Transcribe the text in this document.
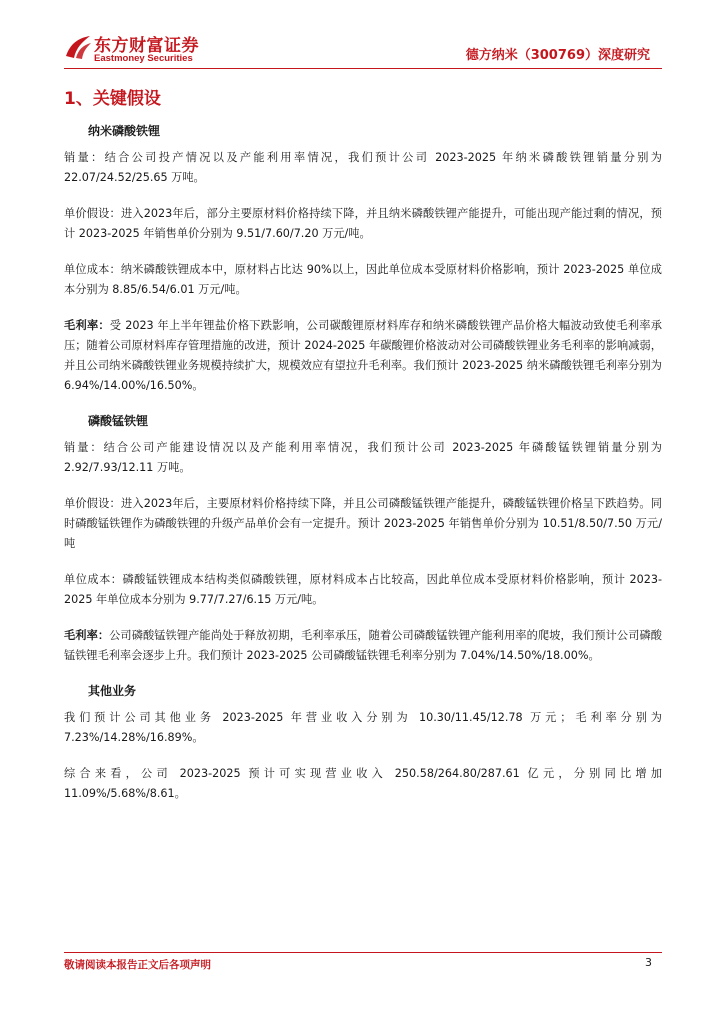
东方财富证券
Eastmoney Securities	德方纳米（300769）深度研究
1、关键假设
纳米磷酸铁锂

销量：结合公司投产情况以及产能利用率情况，我们预计公司 2023-2025 年纳米磷酸铁锂销量分别为 22.07/24.52/25.65 万吨。

单价假设：进入2023年后，部分主要原材料价格持续下降，并且纳米磷酸铁锂产能提升，可能出现产能过剩的情况，预计 2023-2025 年销售单价分别为 9.51/7.60/7.20 万元/吨。

单位成本：纳米磷酸铁锂成本中，原材料占比达 90%以上，因此单位成本受原材料价格影响，预计 2023-2025 单位成本分别为 8.85/6.54/6.01 万元/吨。

毛利率：受 2023 年上半年锂盐价格下跌影响，公司碳酸锂原材料库存和纳米磷酸铁锂产品价格大幅波动致使毛利率承压；随着公司原材料库存管理措施的改进，预计 2024-2025 年碳酸锂价格波动对公司磷酸铁锂业务毛利率的影响减弱，并且公司纳米磷酸铁锂业务规模持续扩大，规模效应有望拉升毛利率。我们预计 2023-2025 纳米磷酸铁锂毛利率分别为 6.94%/14.00%/16.50%。

磷酸锰铁锂

销量：结合公司产能建设情况以及产能利用率情况，我们预计公司 2023-2025 年磷酸锰铁锂销量分别为 2.92/7.93/12.11 万吨。

单价假设：进入2023年后，主要原材料价格持续下降，并且公司磷酸锰铁锂产能提升，磷酸锰铁锂价格呈下跌趋势。同时磷酸锰铁锂作为磷酸铁锂的升级产品单价会有一定提升。预计 2023-2025 年销售单价分别为 10.51/8.50/7.50 万元/吨

单位成本：磷酸锰铁锂成本结构类似磷酸铁锂，原材料成本占比较高，因此单位成本受原材料价格影响，预计 2023-2025 年单位成本分别为 9.77/7.27/6.15 万元/吨。

毛利率：公司磷酸锰铁锂产能尚处于释放初期，毛利率承压，随着公司磷酸锰铁锂产能利用率的爬坡，我们预计公司磷酸锰铁锂毛利率会逐步上升。我们预计 2023-2025 公司磷酸锰铁锂毛利率分别为 7.04%/14.50%/18.00%。

其他业务

我们预计公司其他业务 2023-2025 年营业收入分别为 10.30/11.45/12.78 万元；毛利率分别为 7.23%/14.28%/16.89%。

综合来看，公司 2023-2025 预计可实现营业收入 250.58/264.80/287.61 亿元，分别同比增加 11.09%/5.68%/8.61。

敬请阅读本报告正文后各项声明	3
